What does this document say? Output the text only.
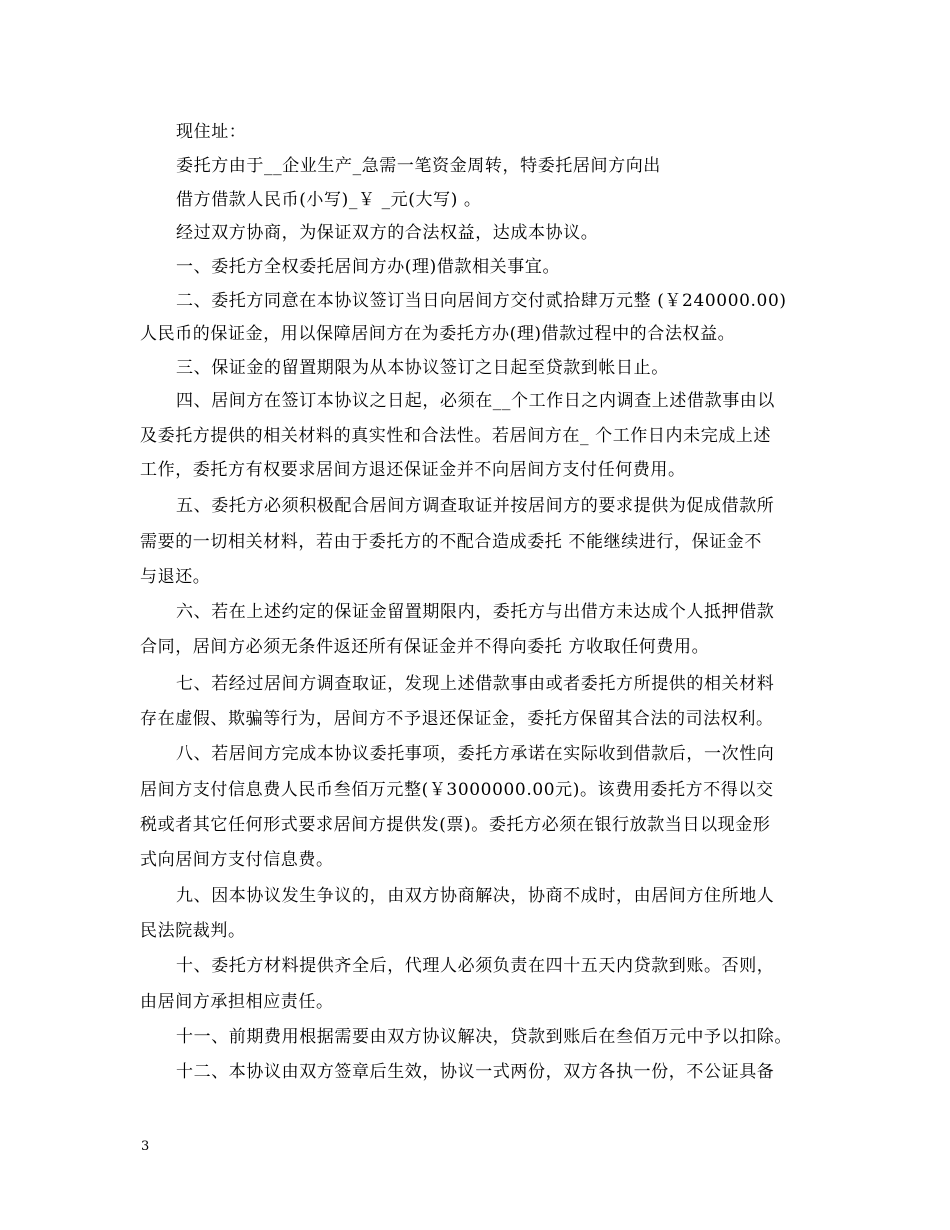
现住址：
委托方由于__企业生产_急需一笔资金周转，特委托居间方向出
借方借款人民币(小写)_￥ _元(大写) 。
经过双方协商，为保证双方的合法权益，达成本协议。
一、委托方全权委托居间方办(理)借款相关事宜。
二、委托方同意在本协议签订当日向居间方交付贰拾肆万元整 (￥240000.00)
人民币的保证金，用以保障居间方在为委托方办(理)借款过程中的合法权益。
三、保证金的留置期限为从本协议签订之日起至贷款到帐日止。
四、居间方在签订本协议之日起，必须在__个工作日之内调查上述借款事由以
及委托方提供的相关材料的真实性和合法性。若居间方在_ 个工作日内未完成上述
工作，委托方有权要求居间方退还保证金并不向居间方支付任何费用。
五、委托方必须积极配合居间方调查取证并按居间方的要求提供为促成借款所
需要的一切相关材料，若由于委托方的不配合造成委托 不能继续进行，保证金不
与退还。
六、若在上述约定的保证金留置期限内，委托方与出借方未达成个人抵押借款
合同，居间方必须无条件返还所有保证金并不得向委托 方收取任何费用。
七、若经过居间方调查取证，发现上述借款事由或者委托方所提供的相关材料
存在虚假、欺骗等行为，居间方不予退还保证金，委托方保留其合法的司法权利。
八、若居间方完成本协议委托事项，委托方承诺在实际收到借款后，一次性向
居间方支付信息费人民币叁佰万元整(￥3000000.00元)。该费用委托方不得以交
税或者其它任何形式要求居间方提供发(票)。委托方必须在银行放款当日以现金形
式向居间方支付信息费。
九、因本协议发生争议的，由双方协商解决，协商不成时，由居间方住所地人
民法院裁判。
十、委托方材料提供齐全后，代理人必须负责在四十五天内贷款到账。否则，
由居间方承担相应责任。
十一、前期费用根据需要由双方协议解决，贷款到账后在叁佰万元中予以扣除。
十二、本协议由双方签章后生效，协议一式两份，双方各执一份，不公证具备
3
